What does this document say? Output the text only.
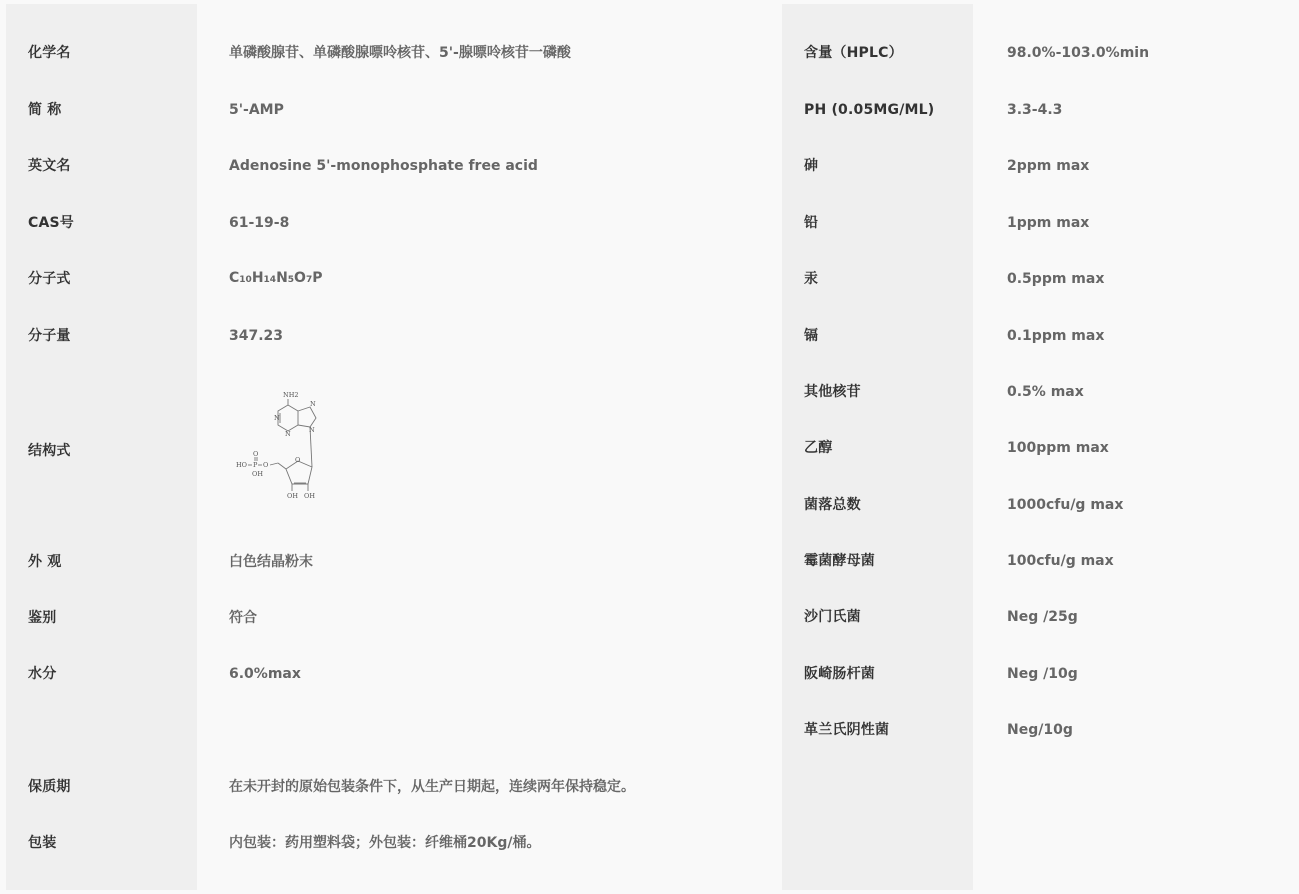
化学名	单磷酸腺苷、单磷酸腺嘌呤核苷、5'-腺嘌呤核苷一磷酸
简 称	5'-AMP
英文名	Adenosine 5'-monophosphate free acid
CAS号	61-19-8
分子式	C 10 H 14 N 5 O 7 P
分子量	347.23
结构式
NH2
N
N
N
N
O
O
O
P
HO
OH
OH OH
外 观	白色结晶粉末
鉴别	符合
水分	6.0%max
保质期	在未开封的原始包装条件下，从生产日期起，连续两年保持稳定。
包装	内包装：药用塑料袋；外包装：纤维桶20Kg/桶。
含量（HPLC）	98.0%-103.0%min
PH (0.05MG/ML)	3.3-4.3
砷	2ppm max
铅	1ppm max
汞	0.5ppm max
镉	0.1ppm max
其他核苷	0.5% max
乙醇	100ppm max
菌落总数	1000cfu/g max
霉菌酵母菌	100cfu/g max
沙门氏菌	Neg /25g
阪崎肠杆菌	Neg /10g
革兰氏阴性菌	Neg/10g
